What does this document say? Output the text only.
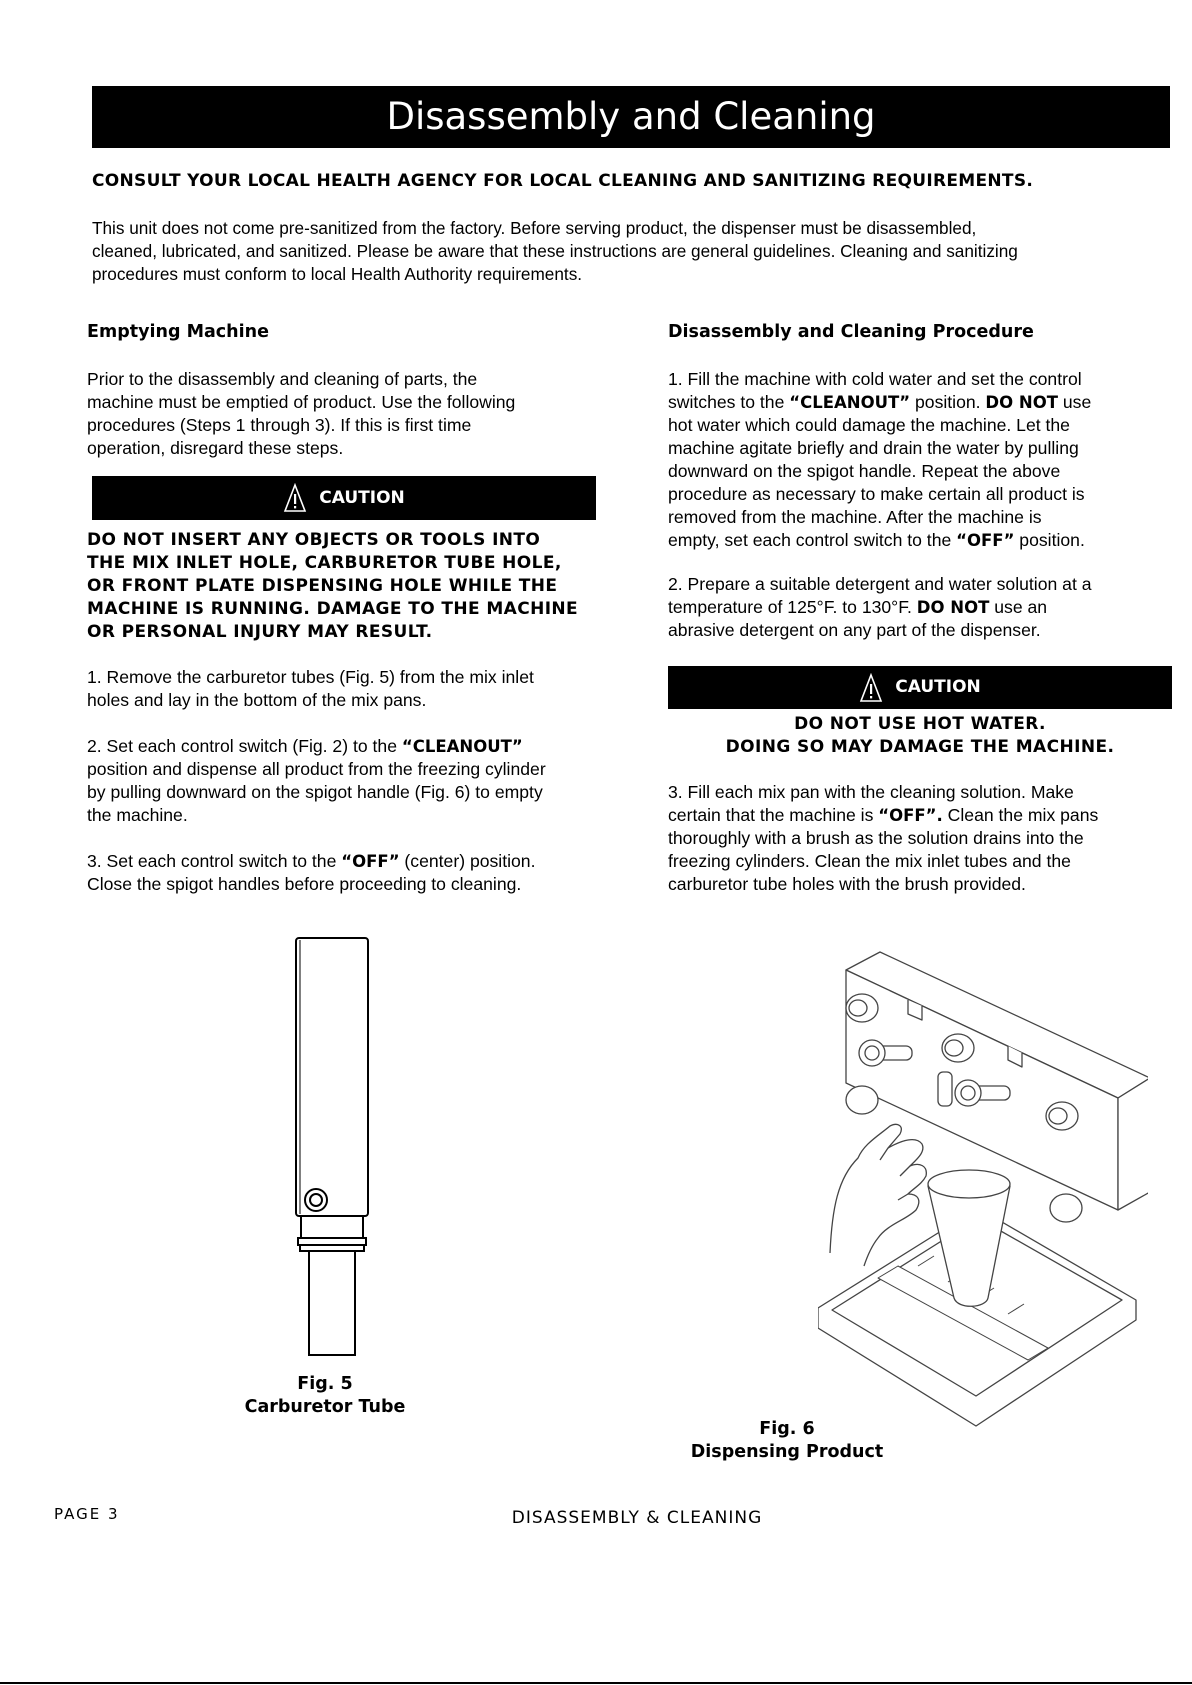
Disassembly and Cleaning
CONSULT YOUR LOCAL HEALTH AGENCY FOR LOCAL CLEANING AND SANITIZING REQUIREMENTS.
This unit does not come pre-sanitized from the factory. Before serving product, the dispenser must be disassembled,
cleaned, lubricated, and sanitized. Please be aware that these instructions are general guidelines. Cleaning and sanitizing
procedures must conform to local Health Authority requirements.
Emptying Machine
Prior to the disassembly and cleaning of parts, the
machine must be emptied of product. Use the following
procedures (Steps 1 through 3). If this is first time
operation, disregard these steps.
CAUTION
DO NOT INSERT ANY OBJECTS OR TOOLS INTO
THE MIX INLET HOLE, CARBURETOR TUBE HOLE,
OR FRONT PLATE DISPENSING HOLE WHILE THE
MACHINE IS RUNNING. DAMAGE TO THE MACHINE
OR PERSONAL INJURY MAY RESULT.
1. Remove the carburetor tubes (Fig. 5) from the mix inlet
holes and lay in the bottom of the mix pans.
2. Set each control switch (Fig. 2) to the “CLEANOUT”
position and dispense all product from the freezing cylinder
by pulling downward on the spigot handle (Fig. 6) to empty
the machine.
3. Set each control switch to the “OFF” (center) position.
Close the spigot handles before proceeding to cleaning.
Fig. 5
Carburetor Tube
Disassembly and Cleaning Procedure
1. Fill the machine with cold water and set the control
switches to the “CLEANOUT” position. DO NOT use
hot water which could damage the machine. Let the
machine agitate briefly and drain the water by pulling
downward on the spigot handle. Repeat the above
procedure as necessary to make certain all product is
removed from the machine. After the machine is
empty, set each control switch to the “OFF” position.
2. Prepare a suitable detergent and water solution at a
temperature of 125°F. to 130°F. DO NOT use an
abrasive detergent on any part of the dispenser.
CAUTION
DO NOT USE HOT WATER.
DOING SO MAY DAMAGE THE MACHINE.
3. Fill each mix pan with the cleaning solution. Make
certain that the machine is “OFF”. Clean the mix pans
thoroughly with a brush as the solution drains into the
freezing cylinders. Clean the mix inlet tubes and the
carburetor tube holes with the brush provided.
Fig. 6
Dispensing Product
PAGE 3	DISASSEMBLY & CLEANING
